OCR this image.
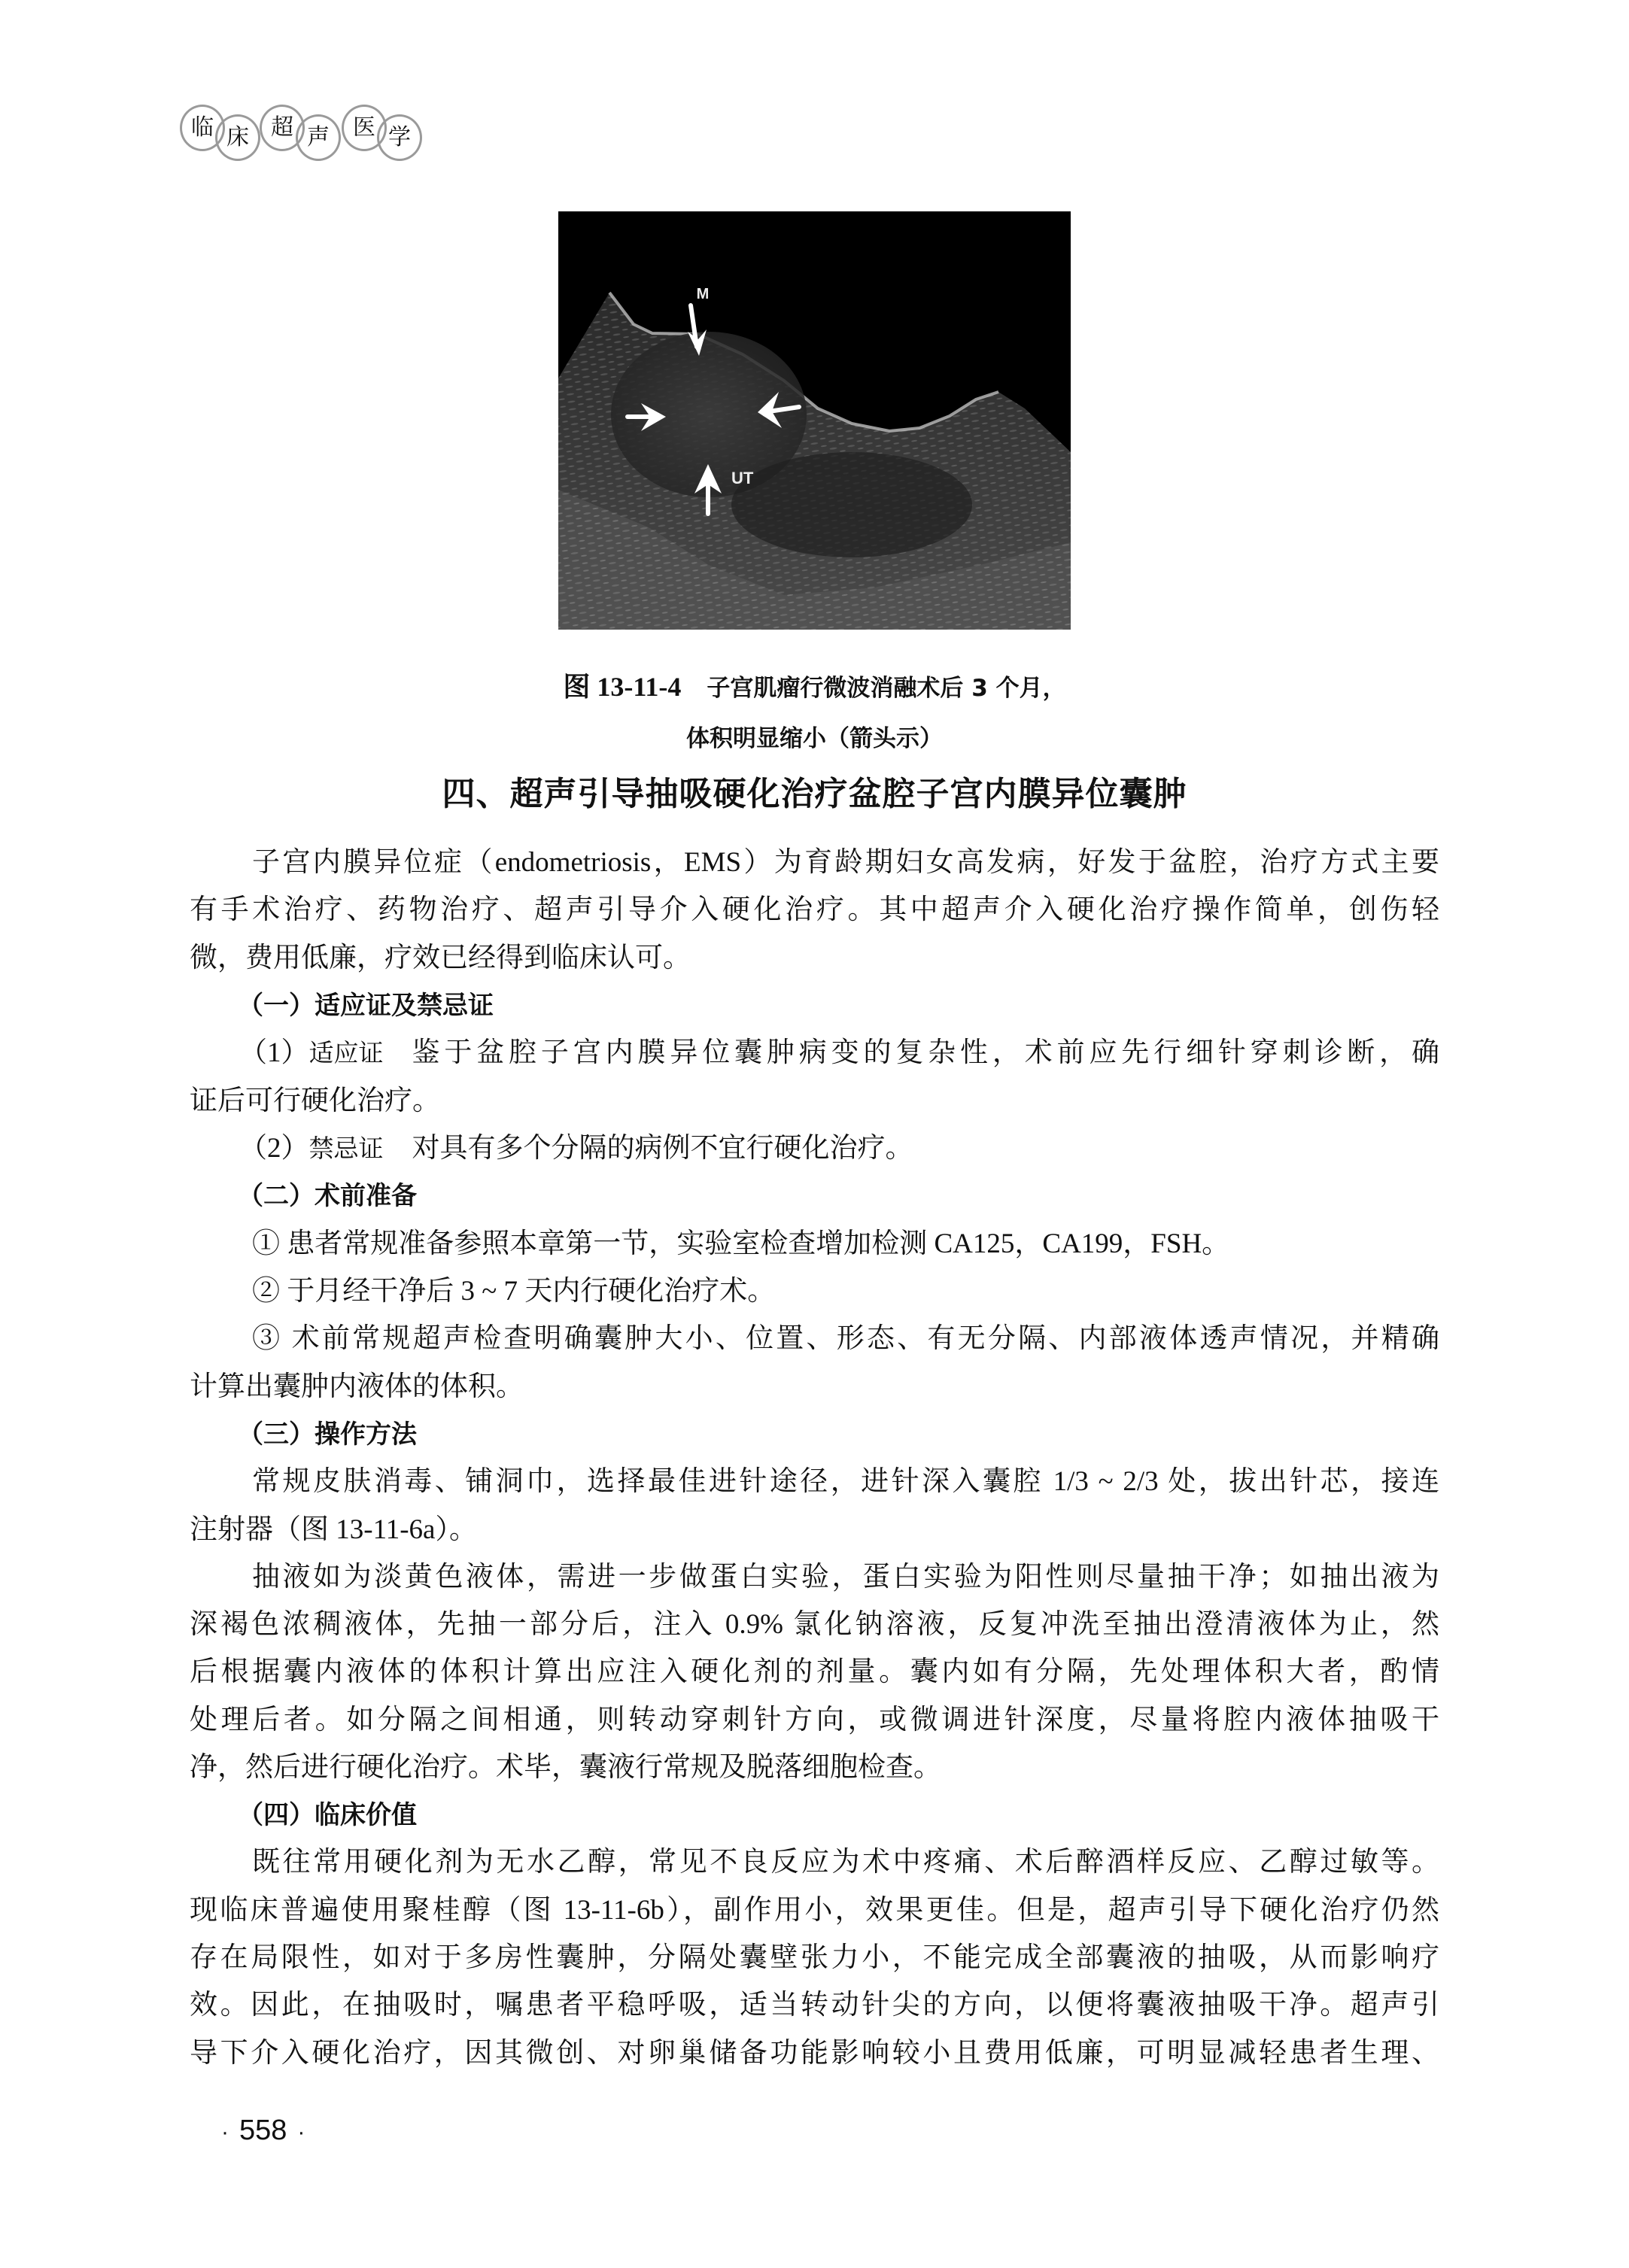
临 床 超 声	医 学
M
UT
图 13-11-4 子宫肌瘤行微波消融术后 3 个月，
体积明显缩小（箭头示）
四、超声引导抽吸硬化治疗盆腔子宫内膜异位囊肿
子宫内膜异位症（endometriosis，EMS）为育龄期妇女高发病，好发于盆腔，治疗方式主要
有手术治疗、药物治疗、超声引导介入硬化治疗。其中超声介入硬化治疗操作简单，创伤轻
微，费用低廉，疗效已经得到临床认可。
（一）适应证及禁忌证
（1） 适应证 鉴于盆腔子宫内膜异位囊肿病变的复杂性，术前应先行细针穿刺诊断，确
证后可行硬化治疗。
（2）禁忌证 对具有多个分隔的病例不宜行硬化治疗。
（二）术前准备
① 患者常规准备参照本章第一节，实验室检查增加检测 CA125，CA199，FSH。
② 于月经干净后 3 ~ 7 天内行硬化治疗术。
③ 术前常规超声检查明确囊肿大小、位置、形态、有无分隔、内部液体透声情况，并精确
计算出囊肿内液体的体积。
（三）操作方法
常规皮肤消毒、铺洞巾，选择最佳进针途径，进针深入囊腔 1/3 ~ 2/3 处，拔出针芯，接连
注射器（图 13-11-6a）。
抽液如为淡黄色液体，需进一步做蛋白实验，蛋白实验为阳性则尽量抽干净；如抽出液为
深褐色浓稠液体，先抽一部分后，注入 0.9% 氯化钠溶液，反复冲洗至抽出澄清液体为止，然
后根据囊内液体的体积计算出应注入硬化剂的剂量。囊内如有分隔，先处理体积大者，酌情
处理后者。如分隔之间相通，则转动穿刺针方向，或微调进针深度，尽量将腔内液体抽吸干
净，然后进行硬化治疗。术毕，囊液行常规及脱落细胞检查。
（四）临床价值
既往常用硬化剂为无水乙醇，常见不良反应为术中疼痛、术后醉酒样反应、乙醇过敏等。
现临床普遍使用聚桂醇（图 13-11-6b），副作用小，效果更佳。但是，超声引导下硬化治疗仍然
存在局限性，如对于多房性囊肿，分隔处囊壁张力小，不能完成全部囊液的抽吸，从而影响疗
效。因此，在抽吸时，嘱患者平稳呼吸，适当转动针尖的方向，以便将囊液抽吸干净。超声引
导下介入硬化治疗，因其微创、对卵巢储备功能影响较小且费用低廉，可明显减轻患者生理、
· 558 ·
